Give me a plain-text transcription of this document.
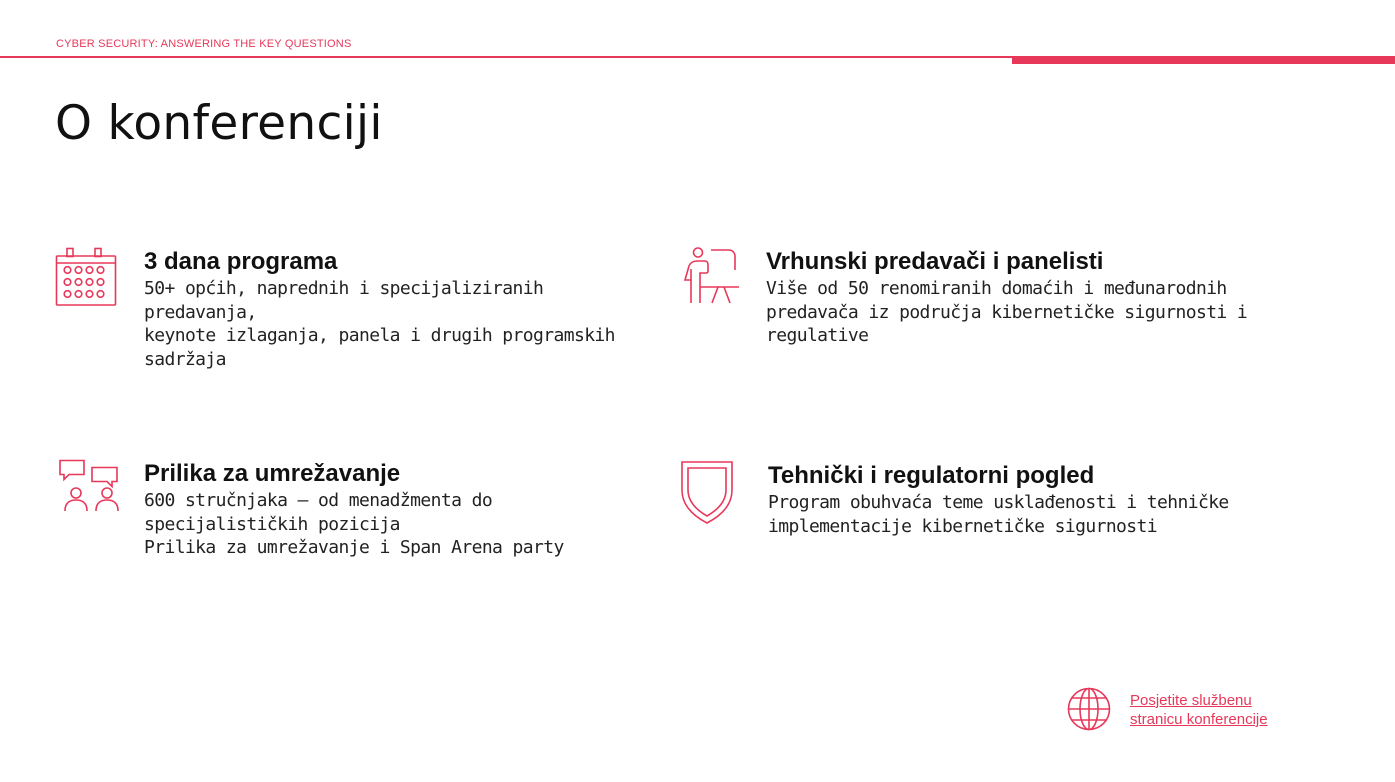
CYBER SECURITY: ANSWERING THE KEY QUESTIONS
O konferenciji
3 dana programa

50+ općih, naprednih i specijaliziranih predavanja,
keynote izlaganja, panela i drugih programskih
sadržaja

Vrhunski predavači i panelisti

Više od 50 renomiranih domaćih i međunarodnih
predavača iz područja kibernetičke sigurnosti i
regulative

Prilika za umrežavanje

600 stručnjaka – od menadžmenta do
specijalističkih pozicija
Prilika za umrežavanje i Span Arena party

Tehnički i regulatorni pogled

Program obuhvaća teme usklađenosti i tehničke
implementacije kibernetičke sigurnosti

Posjetite službenu
stranicu konferencije
